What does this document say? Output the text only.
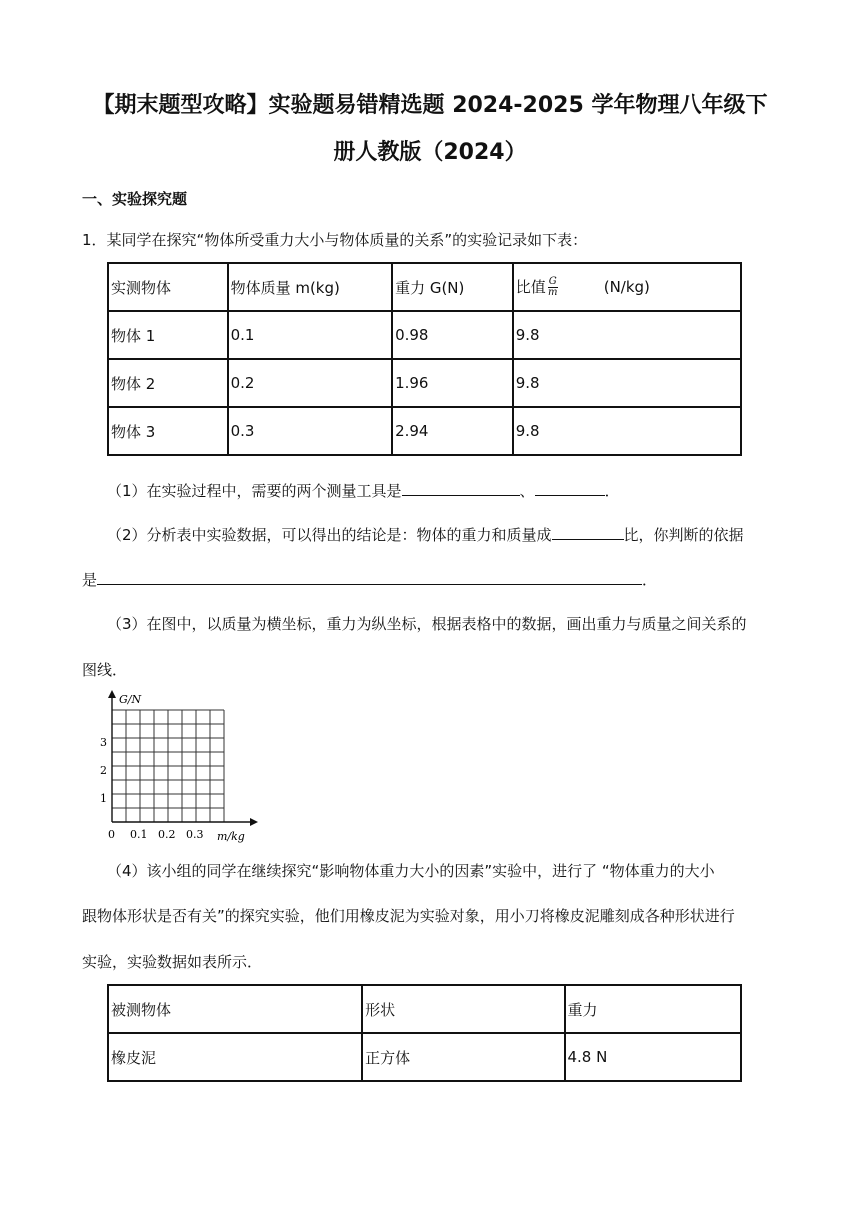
【期末题型攻略】实验题易错精选题 2024-2025 学年物理八年级下
册人教版（2024）
一、实验探究题
1．某同学在探究“物体所受重力大小与物体质量的关系”的实验记录如下表：
实测物体	物体质量 m(kg)	重力 G(N)	比值 $\frac{G}{m} (N/kg)$
物体 1	0.1	0.98	9.8
物体 2	0.2	1.96	9.8
物体 3	0.3	2.94	9.8
（1）在实验过程中，需要的两个测量工具是	、	．
（2）分析表中实验数据，可以得出的结论是：物体的重力和质量成	比，你判断的依据
是	．
（3）在图中，以质量为横坐标，重力为纵坐标，根据表格中的数据，画出重力与质量之间关系的
图线．
G/N
m/kg
1
2
3
0 0.1 0.2 0.3
（4）该小组的同学在继续探究“影响物体重力大小的因素”实验中，进行了 “物体重力的大小
跟物体形状是否有关”的探究实验，他们用橡皮泥为实验对象，用小刀将橡皮泥雕刻成各种形状进行
实验，实验数据如表所示．
被测物体	形状	重力
橡皮泥	正方体	4.8 N
